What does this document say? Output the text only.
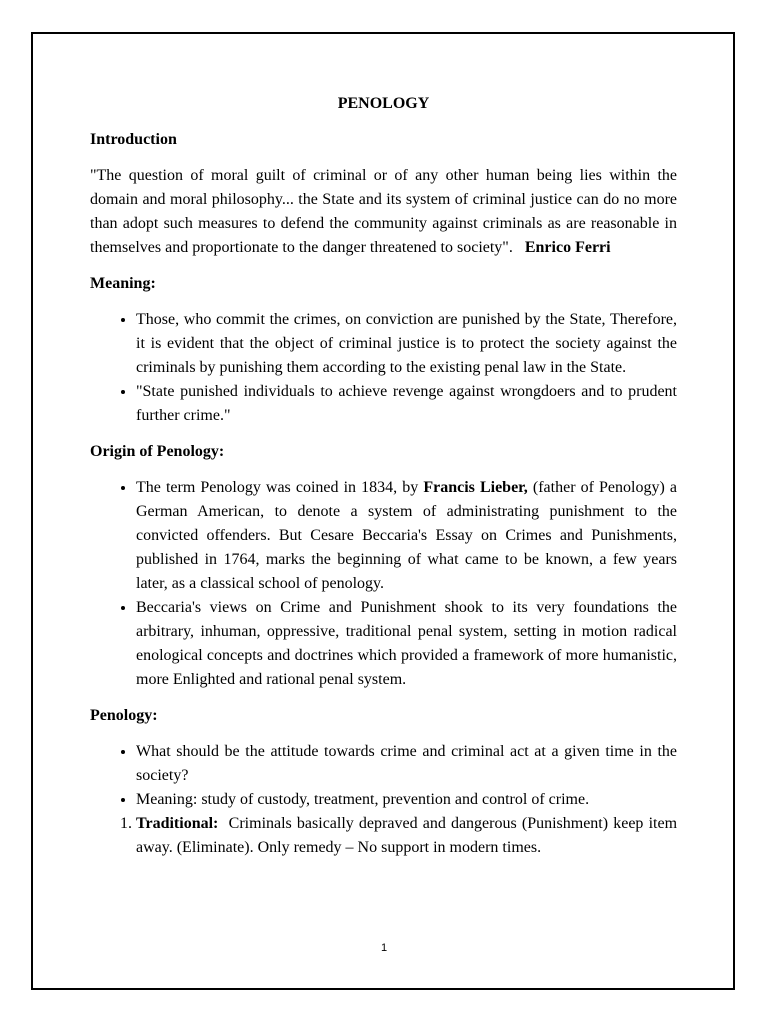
PENOLOGY

Introduction

"The question of moral guilt of criminal or of any other human being lies within the domain and moral philosophy... the State and its system of criminal justice can do no more than adopt such measures to defend the community against criminals as are reasonable in themselves and proportionate to the danger threatened to society". Enrico Ferri

Meaning:

• Those, who commit the crimes, on conviction are punished by the State, Therefore, it is evident that the object of criminal justice is to protect the society against the criminals by punishing them according to the existing penal law in the State.
• "State punished individuals to achieve revenge against wrongdoers and to prudent further crime."

Origin of Penology:

• The term Penology was coined in 1834, by Francis Lieber, (father of Penology) a German American, to denote a system of administrating punishment to the convicted offenders. But Cesare Beccaria's Essay on Crimes and Punishments, published in 1764, marks the beginning of what came to be known, a few years later, as a classical school of penology.
• Beccaria's views on Crime and Punishment shook to its very foundations the arbitrary, inhuman, oppressive, traditional penal system, setting in motion radical enological concepts and doctrines which provided a framework of more humanistic, more Enlighted and rational penal system.

Penology:

• What should be the attitude towards crime and criminal act at a given time in the society?
• Meaning: study of custody, treatment, prevention and control of crime.
1. Traditional: Criminals basically depraved and dangerous (Punishment) keep item away. (Eliminate). Only remedy – No support in modern times.
1
